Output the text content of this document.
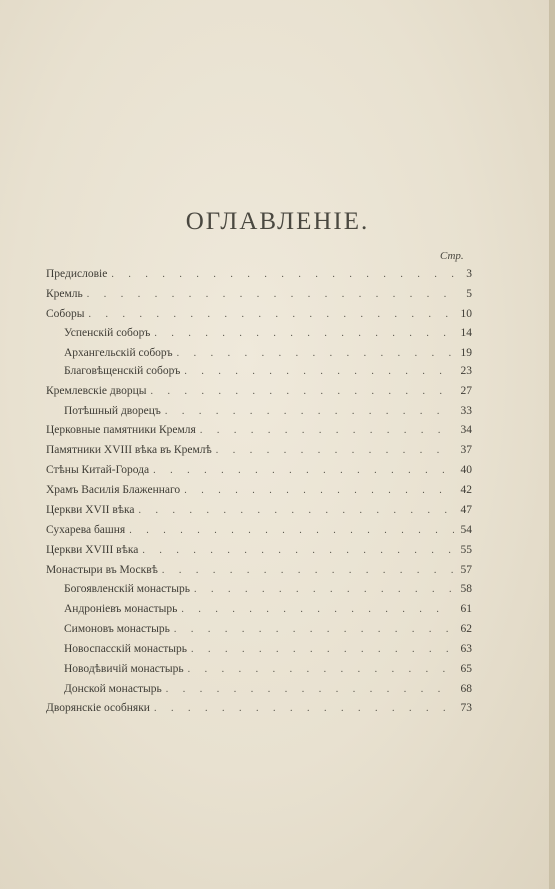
ОГЛАВЛЕНIЕ.
Стр.
Предисловiе . . .	3
Кремль . . .	5
Соборы . . .	10
Успенскiй соборъ . . .	14
Архангельскiй соборъ . . .	19
Благовѣщенскiй соборъ . . .	23
Кремлевскiе дворцы . . .	27
Потѣшный дворецъ . . .	33
Церковные памятники Кремля . . .	34
Памятники XVIII вѣка въ Кремлѣ . . .	37
Стѣны Китай-Города . . .	40
Храмъ Василiя Блаженнаго . . .	42
Церкви XVII вѣка . . .	47
Сухарева башня . . .	54
Церкви XVIII вѣка . . .	55
Монастыри въ Москвѣ . . .	57
Богоявленскiй монастырь . . .	58
Андронiевъ монастырь . . .	61
Симоновъ монастырь . . .	62
Новоспасскiй монастырь . . .	63
Новодѣвичiй монастырь . . .	65
Донской монастырь . . .	68
Дворянскiе особняки . . .	73
